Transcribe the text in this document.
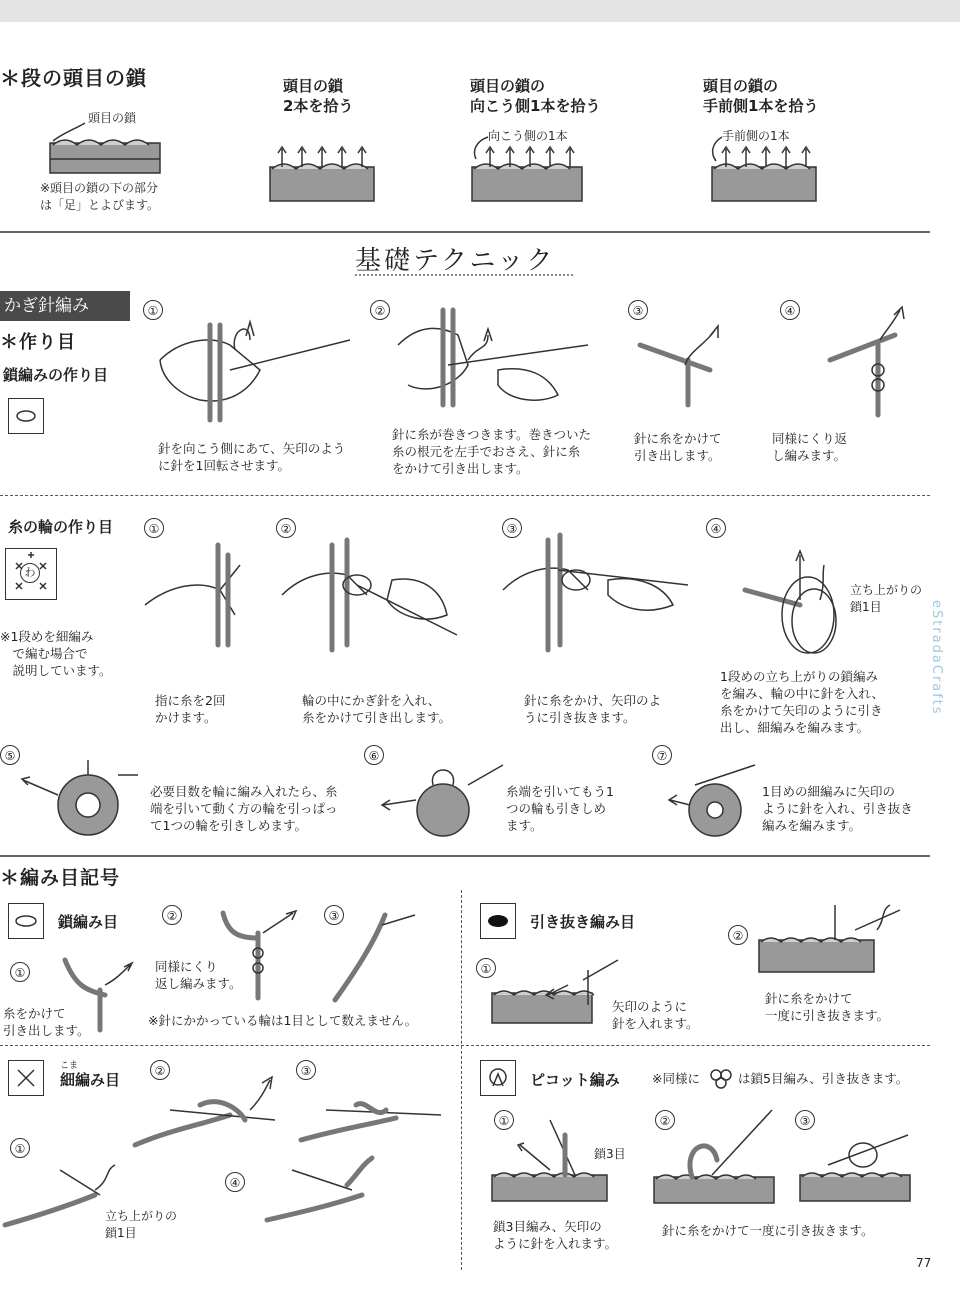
＊段の頭目の鎖
頭目の鎖
※頭目の鎖の下の部分
は「足」とよびます。
頭目の鎖
2本を拾う
頭目の鎖の
向こう側1本を拾う
向こう側の1本
頭目の鎖の
手前側1本を拾う
手前側の1本
基礎テクニック
かぎ針編み
＊作り目
鎖編みの作り目
①
針を向こう側にあて、矢印のよう
に針を1回転させます。
②
針に糸が巻きつきます。巻きついた
糸の根元を左手でおさえ、針に糸
をかけて引き出します。
③
針に糸をかけて
引き出します。
④
同様にくり返
し編みます。
糸の輪の作り目
わ
※1段めを細編み
　で編む場合で
　説明しています。
①
指に糸を2回
かけます。
②
輪の中にかぎ針を入れ、
糸をかけて引き出します。
③
針に糸をかけ、矢印のよ
うに引き抜きます。
④
立ち上がりの
鎖1目
1段めの立ち上がりの鎖編み
を編み、輪の中に針を入れ、
糸をかけて矢印のように引き
出し、細編みを編みます。
⑤
必要目数を輪に編み入れたら、糸
端を引いて動く方の輪を引っぱっ
て1つの輪を引きしめます。
⑥
糸端を引いてもう1
つの輪も引きしめ
ます。
⑦
1目めの細編みに矢印の
ように針を入れ、引き抜き
編みを編みます。
＊編み目記号
鎖編み目
①
糸をかけて
引き出します。
②
同様にくり
返し編みます。
③
※針にかかっている輪は1目として数えません。
引き抜き編み目
①
矢印のように
針を入れます。
②
針に糸をかけて
一度に引き抜きます。
こま
細編み目	②	③
①
立ち上がりの
鎖1目
④
ピコット編み	※同様に	は鎖5目編み、引き抜きます。
①
鎖3目
鎖3目編み、矢印の
ように針を入れます。
②	③
針に糸をかけて一度に引き抜きます。
77
eStradaCrafts
